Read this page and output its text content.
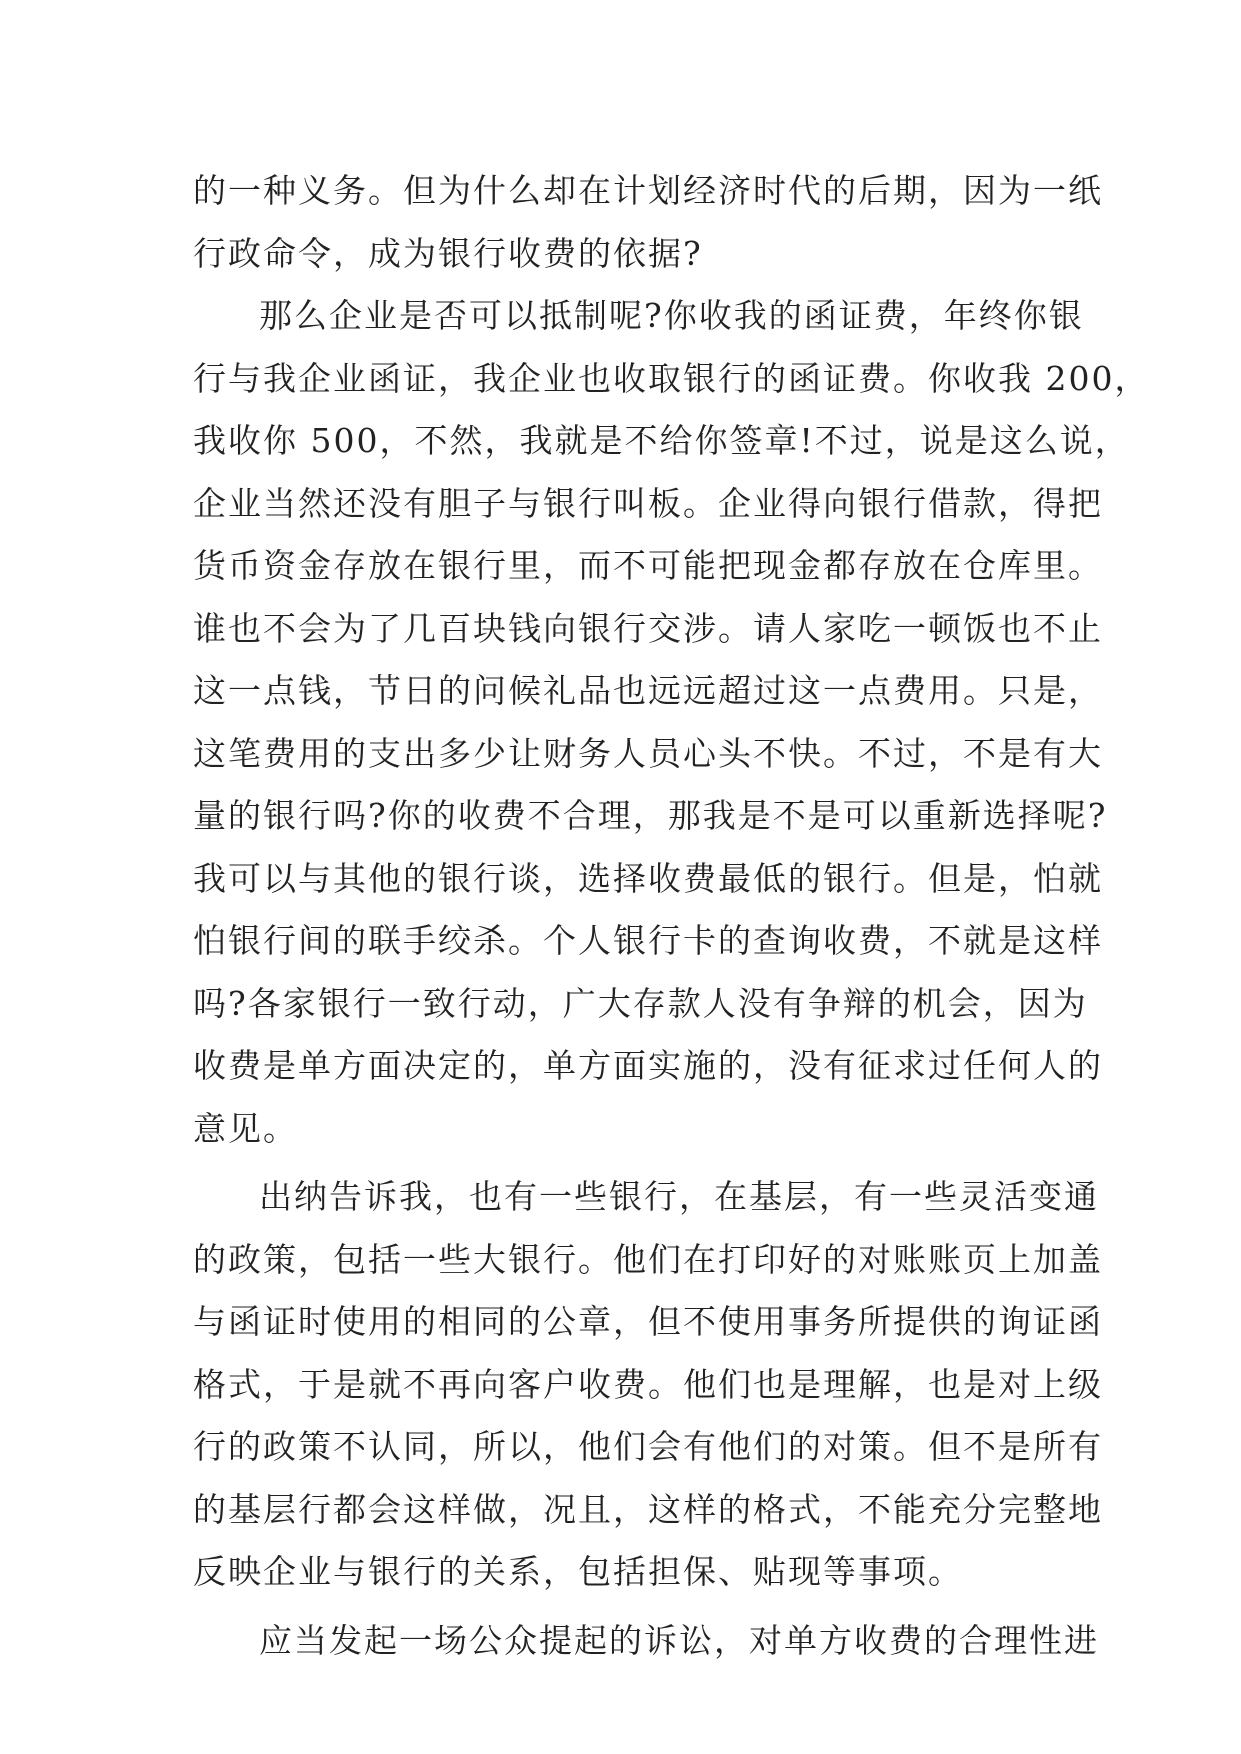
的一种义务。但为什么却在计划经济时代的后期，因为一纸
行政命令，成为银行收费的依据?
那么企业是否可以抵制呢?你收我的函证费，年终你银
行与我企业函证，我企业也收取银行的函证费。你收我 200，
我收你 500，不然，我就是不给你签章!不过，说是这么说，
企业当然还没有胆子与银行叫板。企业得向银行借款，得把
货币资金存放在银行里，而不可能把现金都存放在仓库里。
谁也不会为了几百块钱向银行交涉。请人家吃一顿饭也不止
这一点钱，节日的问候礼品也远远超过这一点费用。只是，
这笔费用的支出多少让财务人员心头不快。不过，不是有大
量的银行吗?你的收费不合理，那我是不是可以重新选择呢?
我可以与其他的银行谈，选择收费最低的银行。但是，怕就
怕银行间的联手绞杀。个人银行卡的查询收费，不就是这样
吗?各家银行一致行动，广大存款人没有争辩的机会，因为
收费是单方面决定的，单方面实施的，没有征求过任何人的
意见。
出纳告诉我，也有一些银行，在基层，有一些灵活变通
的政策，包括一些大银行。他们在打印好的对账账页上加盖
与函证时使用的相同的公章，但不使用事务所提供的询证函
格式，于是就不再向客户收费。他们也是理解，也是对上级
行的政策不认同，所以，他们会有他们的对策。但不是所有
的基层行都会这样做，况且，这样的格式，不能充分完整地
反映企业与银行的关系，包括担保、贴现等事项。
应当发起一场公众提起的诉讼，对单方收费的合理性进
